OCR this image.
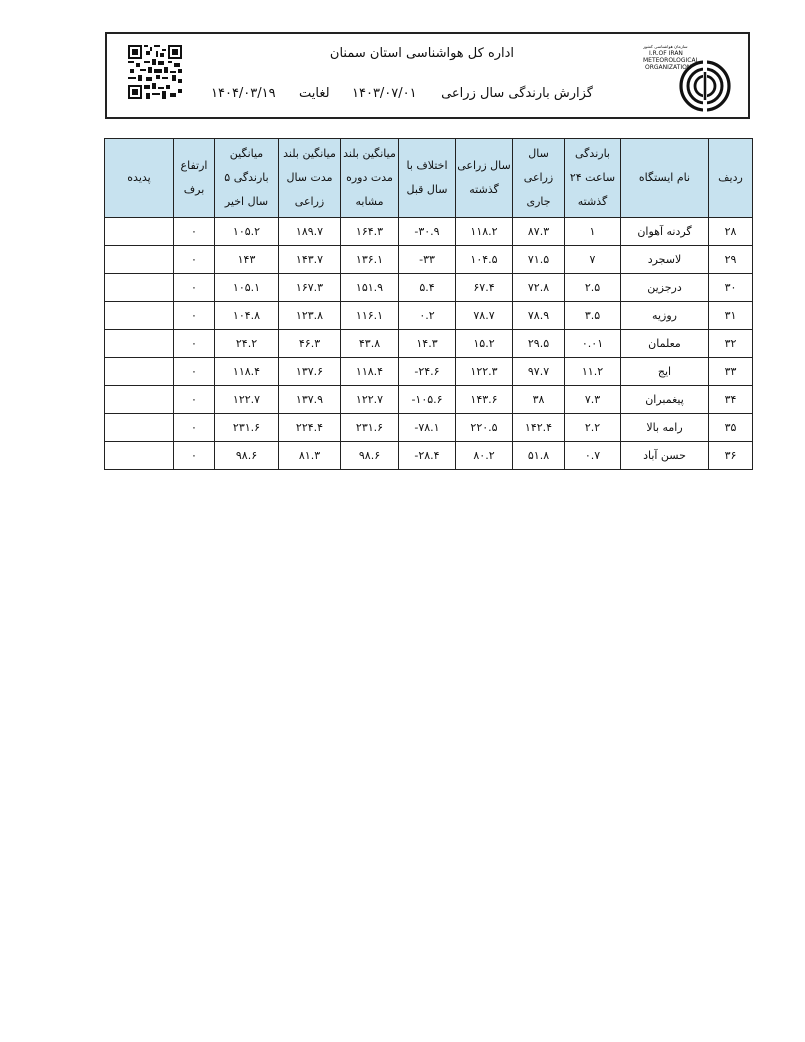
اداره کل هواشناسی استان سمنان
گزارش بارندگی سال زراعی
۱۴۰۳/۰۷/۰۱
لغایت
۱۴۰۴/۰۳/۱۹
سازمان هواشناسی کشور
I.R.OF IRAN
METEOROLOGICAL
ORGANIZATION
ردیف	نام ایستگاه	بارندگی ساعت ۲۴ گذشته	سال زراعی جاری	سال زراعی گذشته	اختلاف با سال قبل	میانگین بلند مدت دوره مشابه	میانگین بلند مدت سال زراعی	میانگین بارندگی ۵ سال اخیر	ارتفاع برف	پدیده
۲۸	گردنه آهوان	۱	۸۷.۳	۱۱۸.۲	-۳۰.۹	۱۶۴.۳	۱۸۹.۷	۱۰۵.۲	۰	
۲۹	لاسجرد	۷	۷۱.۵	۱۰۴.۵	-۳۳	۱۳۶.۱	۱۴۳.۷	۱۴۳	۰	
۳۰	درجزین	۲.۵	۷۲.۸	۶۷.۴	۵.۴	۱۵۱.۹	۱۶۷.۳	۱۰۵.۱	۰	
۳۱	روزیه	۳.۵	۷۸.۹	۷۸.۷	۰.۲	۱۱۶.۱	۱۲۳.۸	۱۰۴.۸	۰	
۳۲	معلمان	۰.۰۱	۲۹.۵	۱۵.۲	۱۴.۳	۴۳.۸	۴۶.۳	۲۴.۲	۰	
۳۳	ایج	۱۱.۲	۹۷.۷	۱۲۲.۳	-۲۴.۶	۱۱۸.۴	۱۳۷.۶	۱۱۸.۴	۰	
۳۴	پیغمبران	۷.۳	۳۸	۱۴۳.۶	-۱۰۵.۶	۱۲۲.۷	۱۳۷.۹	۱۲۲.۷	۰	
۳۵	رامه بالا	۲.۲	۱۴۲.۴	۲۲۰.۵	-۷۸.۱	۲۳۱.۶	۲۲۴.۴	۲۳۱.۶	۰	
۳۶	حسن آباد	۰.۷	۵۱.۸	۸۰.۲	-۲۸.۴	۹۸.۶	۸۱.۳	۹۸.۶	۰	
